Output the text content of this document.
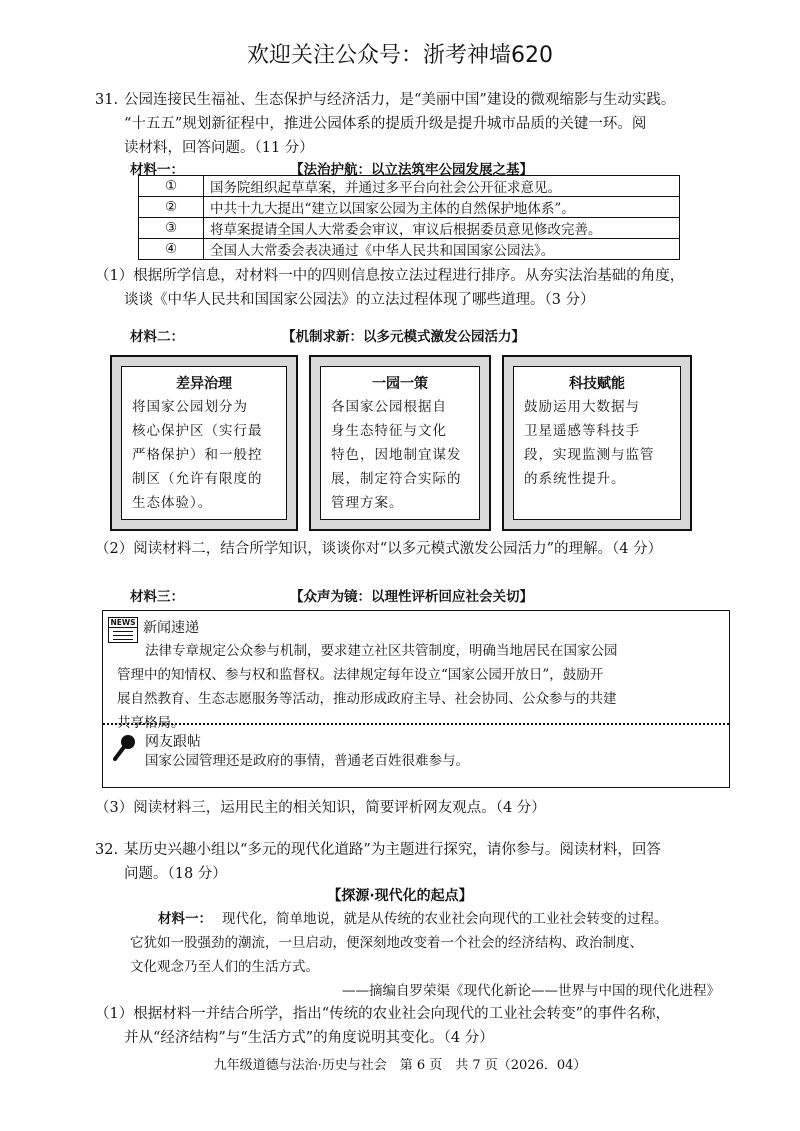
欢迎关注公众号：浙考神墙620
31. 公园连接民生福祉、生态保护与经济活力，是“美丽中国”建设的微观缩影与生动实践。
“十五五”规划新征程中，推进公园体系的提质升级是提升城市品质的关键一环。阅
读材料，回答问题。（11 分）
材料一：	【法治护航：以立法筑牢公园发展之基】
①	国务院组织起草草案，并通过多平台向社会公开征求意见。
②	中共十九大提出“建立以国家公园为主体的自然保护地体系”。
③	将草案提请全国人大常委会审议，审议后根据委员意见修改完善。
④	全国人大常委会表决通过《中华人民共和国国家公园法》。
（1）根据所学信息，对材料一中的四则信息按立法过程进行排序。从夯实法治基础的角度，
谈谈《中华人民共和国国家公园法》的立法过程体现了哪些道理。（3 分）
材料二：	【机制求新：以多元模式激发公园活力】
差异治理
将国家公园划分为
核心保护区（实行最
严格保护）和一般控
制区（允许有限度的
生态体验）。
一园一策
各国家公园根据自
身生态特征与文化
特色，因地制宜谋发
展，制定符合实际的
管理方案。
科技赋能
鼓励运用大数据与
卫星遥感等科技手
段，实现监测与监管
的系统性提升。
（2）阅读材料二，结合所学知识，谈谈你对“以多元模式激发公园活力”的理解。（4 分）
材料三：	【众声为镜：以理性评析回应社会关切】
NEWS 新闻速递
法律专章规定公众参与机制，要求建立社区共管制度，明确当地居民在国家公园
管理中的知情权、参与权和监督权。法律规定每年设立“国家公园开放日”，鼓励开
展自然教育、生态志愿服务等活动，推动形成政府主导、社会协同、公众参与的共建
共享格局。
网友跟帖
国家公园管理还是政府的事情，普通老百姓很难参与。
（3）阅读材料三，运用民主的相关知识，简要评析网友观点。（4 分）
32. 某历史兴趣小组以“多元的现代化道路”为主题进行探究，请你参与。阅读材料，回答
问题。（18 分）
【探源·现代化的起点】
材料一： 现代化，简单地说，就是从传统的农业社会向现代的工业社会转变的过程。
它犹如一股强劲的潮流，一旦启动，便深刻地改变着一个社会的经济结构、政治制度、
文化观念乃至人们的生活方式。
——摘编自罗荣渠《现代化新论——世界与中国的现代化进程》
（1）根据材料一并结合所学，指出“传统的农业社会向现代的工业社会转变”的事件名称，
并从“经济结构”与“生活方式”的角度说明其变化。（4 分）
九年级道德与法治·历史与社会　第 6 页　共 7 页（2026．04）
